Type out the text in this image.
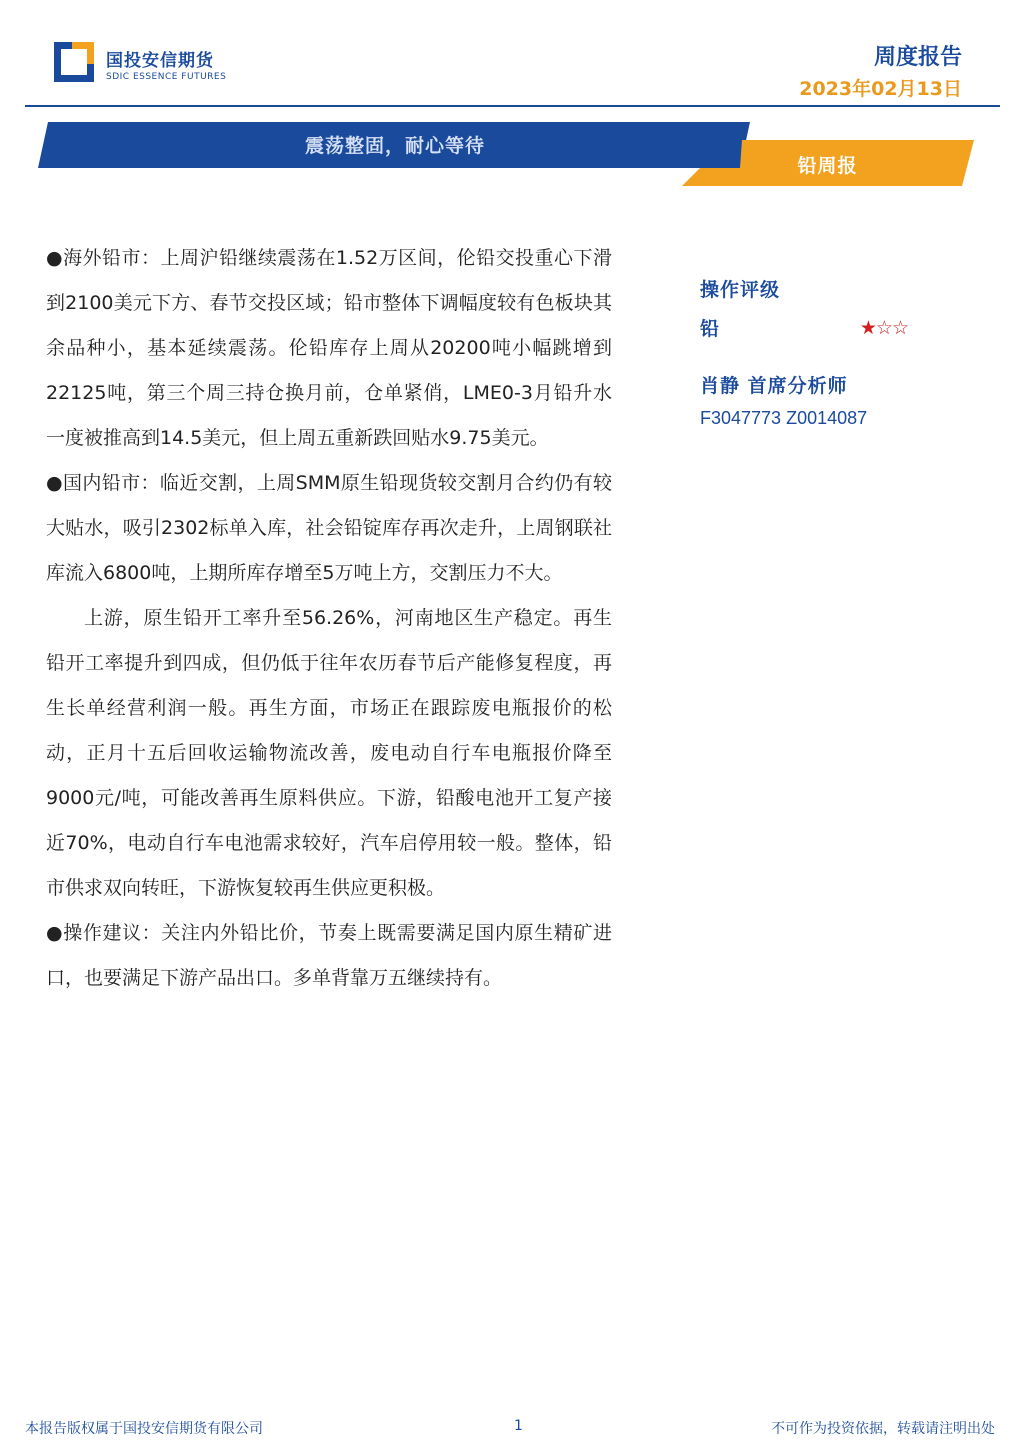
国投安信期货
SDIC ESSENCE FUTURES
周度报告
2023年02月13日
震荡整固，耐心等待
铅周报

●海外铅市：上周沪铅继续震荡在1.52万区间，伦铅交投重心下滑到2100美元下方、春节交投区域；铅市整体下调幅度较有色板块其余品种小，基本延续震荡。伦铅库存上周从20200吨小幅跳增到22125吨，第三个周三持仓换月前，仓单紧俏，LME0-3月铅升水一度被推高到14.5美元，但上周五重新跌回贴水9.75美元。

●国内铅市：临近交割，上周SMM原生铅现货较交割月合约仍有较大贴水，吸引2302标单入库，社会铅锭库存再次走升，上周钢联社库流入6800吨，上期所库存增至5万吨上方，交割压力不大。

上游，原生铅开工率升至56.26%，河南地区生产稳定。再生铅开工率提升到四成，但仍低于往年农历春节后产能修复程度，再生长单经营利润一般。再生方面，市场正在跟踪废电瓶报价的松动，正月十五后回收运输物流改善，废电动自行车电瓶报价降至9000元/吨，可能改善再生原料供应。下游，铅酸电池开工复产接近70%，电动自行车电池需求较好，汽车启停用较一般。整体，铅市供求双向转旺，下游恢复较再生供应更积极。

●操作建议：关注内外铅比价，节奏上既需要满足国内原生精矿进口，也要满足下游产品出口。多单背靠万五继续持有。

操作评级
铅	★☆☆
肖静 首席分析师
F3047773 Z0014087
本报告版权属于国投安信期货有限公司	1	不可作为投资依据，转载请注明出处
